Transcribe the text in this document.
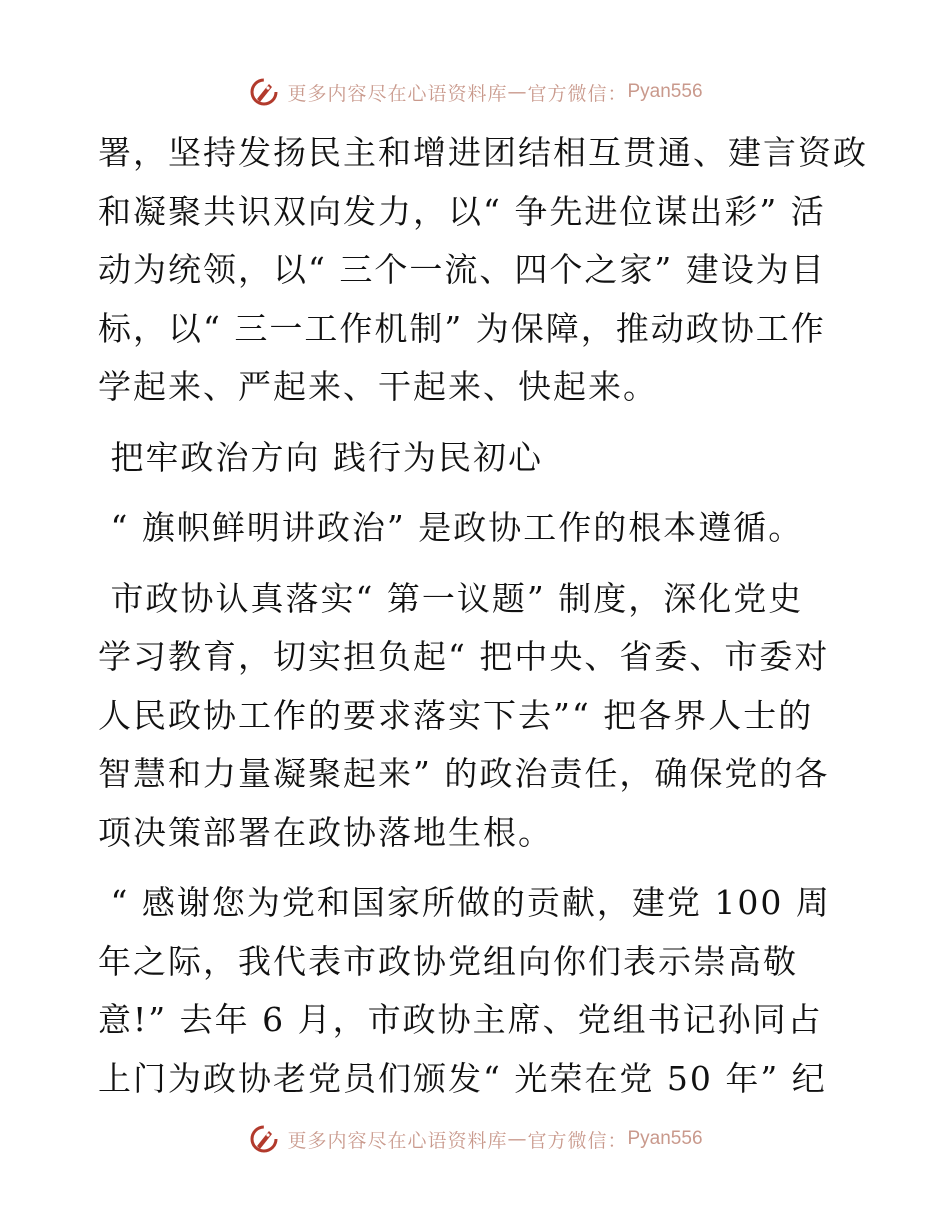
更多内容尽在心语资料库 — 官方微信： Pyan556

署，坚持发扬民主和增进团结相互贯通、建言资政

和凝聚共识双向发力，以“ 争先进位谋出彩” 活

动为统领，以“ 三个一流、四个之家” 建设为目

标，以“ 三一工作机制” 为保障，推动政协工作

学起来、严起来、干起来、快起来。

把牢政治方向 践行为民初心

“ 旗帜鲜明讲政治” 是政协工作的根本遵循。

市政协认真落实“ 第一议题” 制度，深化党史

学习教育，切实担负起“ 把中央、省委、市委对

人民政协工作的要求落实下去”“ 把各界人士的

智慧和力量凝聚起来” 的政治责任，确保党的各

项决策部署在政协落地生根。

“ 感谢您为党和国家所做的贡献，建党 100 周

年之际，我代表市政协党组向你们表示崇高敬

意!” 去年 6 月，市政协主席、党组书记孙同占

上门为政协老党员们颁发“ 光荣在党 50 年” 纪

更多内容尽在心语资料库 — 官方微信： Pyan556
